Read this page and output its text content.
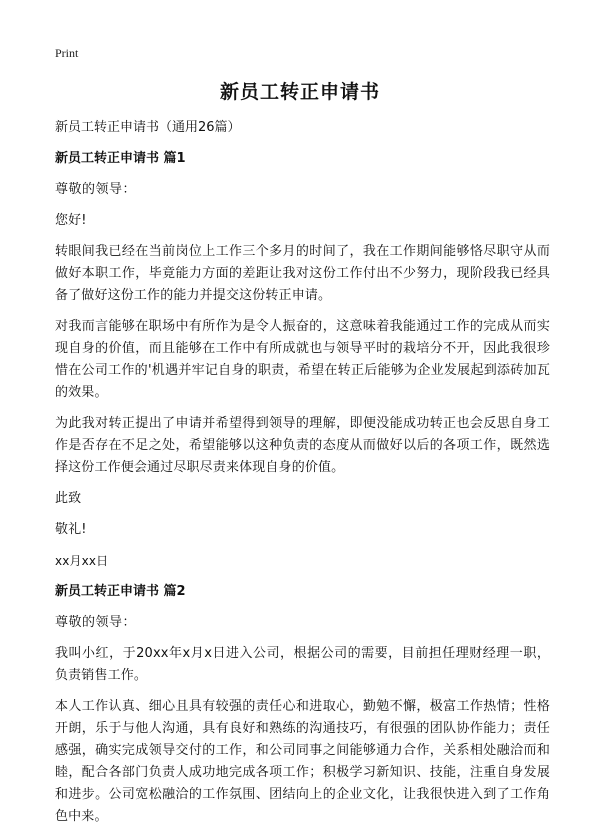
Print
新员工转正申请书

新员工转正申请书（通用26篇）

新员工转正申请书 篇1

尊敬的领导：

您好!

转眼间我已经在当前岗位上工作三个多月的时间了，我在工作期间能够恪尽职守从而做好本职工作，毕竟能力方面的差距让我对这份工作付出不少努力，现阶段我已经具备了做好这份工作的能力并提交这份转正申请。

对我而言能够在职场中有所作为是令人振奋的，这意味着我能通过工作的完成从而实现自身的价值，而且能够在工作中有所成就也与领导平时的栽培分不开，因此我很珍惜在公司工作的'机遇并牢记自身的职责，希望在转正后能够为企业发展起到添砖加瓦的效果。

为此我对转正提出了申请并希望得到领导的理解，即便没能成功转正也会反思自身工作是否存在不足之处，希望能够以这种负责的态度从而做好以后的各项工作，既然选择这份工作便会通过尽职尽责来体现自身的价值。

此致

敬礼!

xx月xx日

新员工转正申请书 篇2

尊敬的领导：

我叫小红，于20xx年x月x日进入公司，根据公司的需要，目前担任理财经理一职，负责销售工作。

本人工作认真、细心且具有较强的责任心和进取心，勤勉不懈，极富工作热情；性格开朗，乐于与他人沟通，具有良好和熟练的沟通技巧，有很强的团队协作能力；责任感强，确实完成领导交付的工作，和公司同事之间能够通力合作，关系相处融洽而和睦，配合各部门负责人成功地完成各项工作；积极学习新知识、技能，注重自身发展和进步。公司宽松融洽的工作氛围、团结向上的企业文化，让我很快进入到了工作角色中来。
